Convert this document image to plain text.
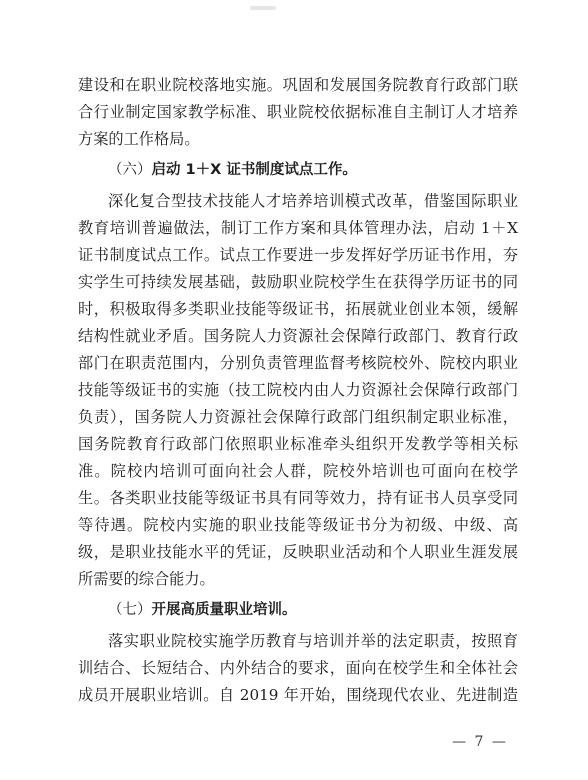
建设和在职业院校落地实施。巩固和发展国务院教育行政部门联
合行业制定国家教学标准、职业院校依据标准自主制订人才培养
方案的工作格局。
（六）启动 1＋X 证书制度试点工作。
深化复合型技术技能人才培养培训模式改革，借鉴国际职业
教育培训普遍做法，制订工作方案和具体管理办法，启动 1＋X
证书制度试点工作。试点工作要进一步发挥好学历证书作用，夯
实学生可持续发展基础，鼓励职业院校学生在获得学历证书的同
时，积极取得多类职业技能等级证书，拓展就业创业本领，缓解
结构性就业矛盾。国务院人力资源社会保障行政部门、教育行政
部门在职责范围内，分别负责管理监督考核院校外、院校内职业
技能等级证书的实施（技工院校内由人力资源社会保障行政部门
负责），国务院人力资源社会保障行政部门组织制定职业标准，
国务院教育行政部门依照职业标准牵头组织开发教学等相关标
准。院校内培训可面向社会人群，院校外培训也可面向在校学
生。各类职业技能等级证书具有同等效力，持有证书人员享受同
等待遇。院校内实施的职业技能等级证书分为初级、中级、高
级，是职业技能水平的凭证，反映职业活动和个人职业生涯发展
所需要的综合能力。
（七）开展高质量职业培训。
落实职业院校实施学历教育与培训并举的法定职责，按照育
训结合、长短结合、内外结合的要求，面向在校学生和全体社会
成员开展职业培训。自 2019 年开始，围绕现代农业、先进制造
— 7 —
